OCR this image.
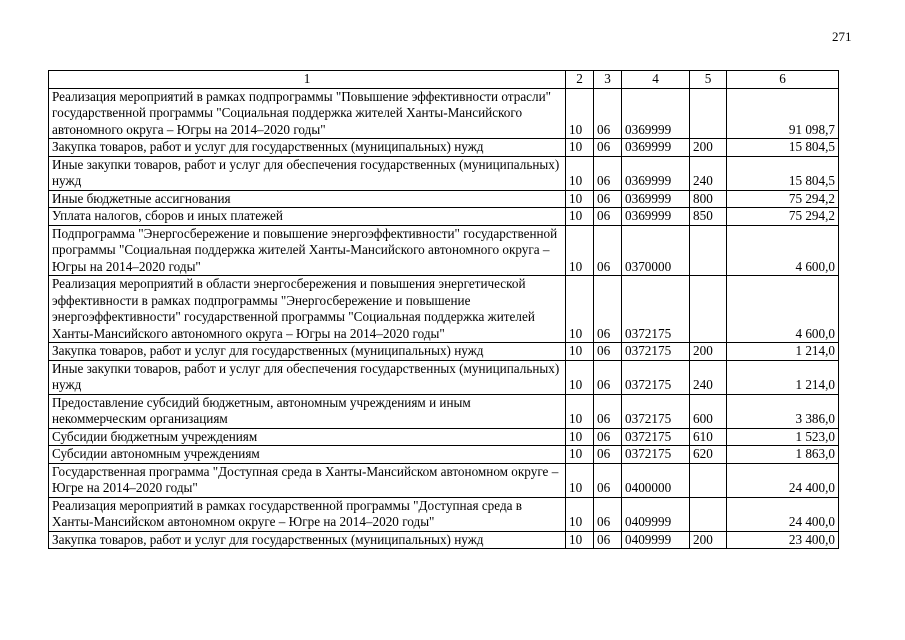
271
1	2	3	4	5	6
Реализация мероприятий в рамках подпрограммы "Повышение эффективности отрасли" государственной программы "Социальная поддержка жителей Ханты-Мансийского автономного округа – Югры на 2014–2020 годы"	10	06	0369999		91 098,7
Закупка товаров, работ и услуг для государственных (муниципальных) нужд	10	06	0369999	200	15 804,5
Иные закупки товаров, работ и услуг для обеспечения государственных (муниципальных) нужд	10	06	0369999	240	15 804,5
Иные бюджетные ассигнования	10	06	0369999	800	75 294,2
Уплата налогов, сборов и иных платежей	10	06	0369999	850	75 294,2
Подпрограмма "Энергосбережение и повышение энергоэффективности" государственной программы "Социальная поддержка жителей Ханты-Мансийского автономного округа – Югры на 2014–2020 годы"	10	06	0370000		4 600,0
Реализация мероприятий в области энергосбережения и повышения энергетической эффективности в рамках подпрограммы "Энергосбережение и повышение энергоэффективности" государственной программы "Социальная поддержка жителей Ханты-Мансийского автономного округа – Югры на 2014–2020 годы"	10	06	0372175		4 600,0
Закупка товаров, работ и услуг для государственных (муниципальных) нужд	10	06	0372175	200	1 214,0
Иные закупки товаров, работ и услуг для обеспечения государственных (муниципальных) нужд	10	06	0372175	240	1 214,0
Предоставление субсидий бюджетным, автономным учреждениям и иным некоммерческим организациям	10	06	0372175	600	3 386,0
Субсидии бюджетным учреждениям	10	06	0372175	610	1 523,0
Субсидии автономным учреждениям	10	06	0372175	620	1 863,0
Государственная программа "Доступная среда в Ханты-Мансийском автономном округе – Югре на 2014–2020 годы"	10	06	0400000		24 400,0
Реализация мероприятий в рамках государственной программы "Доступная среда в Ханты-Мансийском автономном округе – Югре на 2014–2020 годы"	10	06	0409999		24 400,0
Закупка товаров, работ и услуг для государственных (муниципальных) нужд	10	06	0409999	200	23 400,0
